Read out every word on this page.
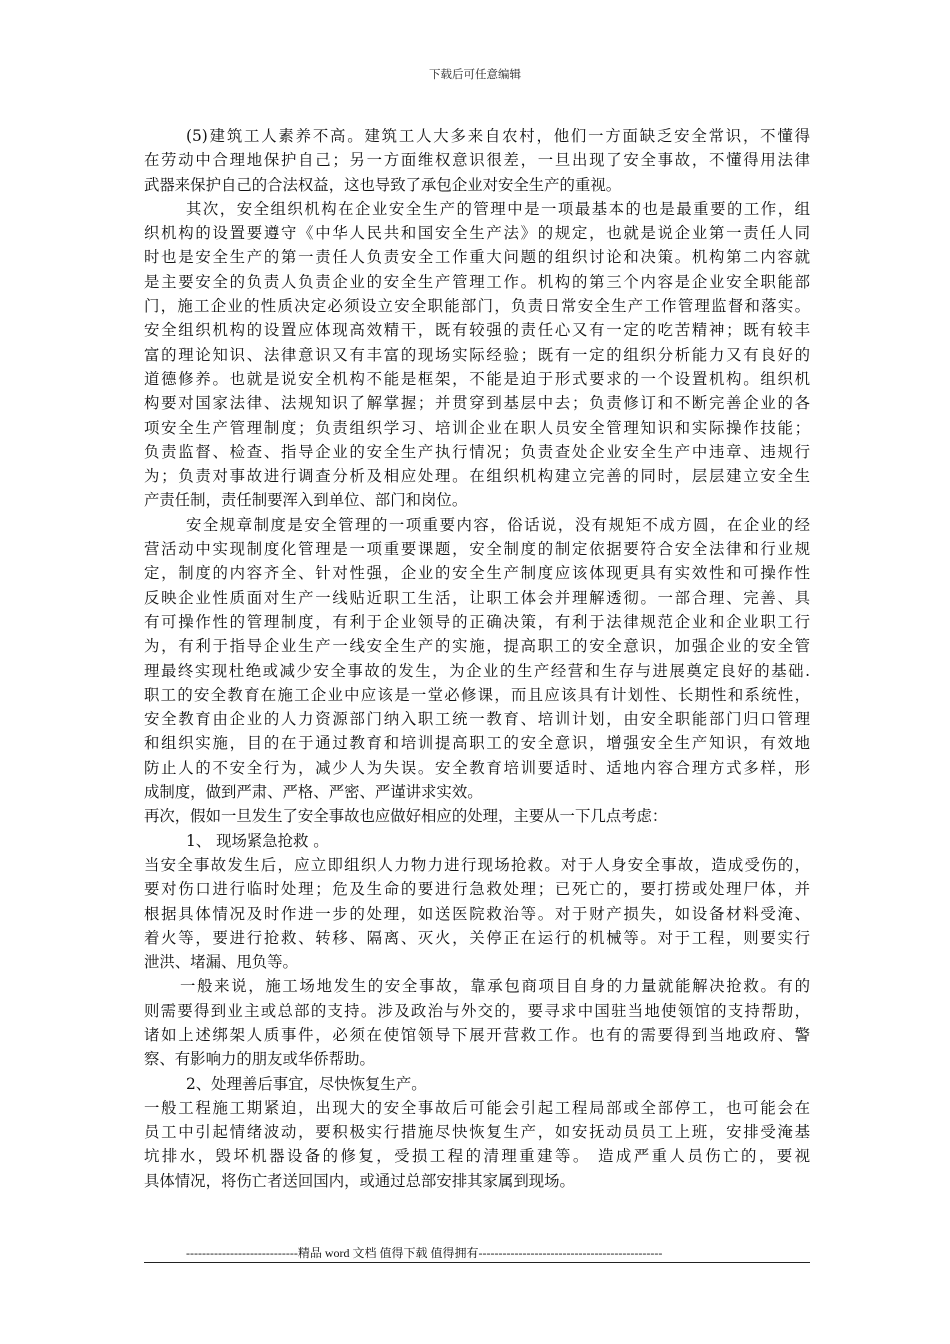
下载后可任意编辑
(5)建筑工人素养不高。建筑工人大多来自农村，他们一方面缺乏安全常识，不懂得
在劳动中合理地保护自己；另一方面维权意识很差，一旦出现了安全事故，不懂得用法律
武器来保护自己的合法权益，这也导致了承包企业对安全生产的重视。
其次，安全组织机构在企业安全生产的管理中是一项最基本的也是最重要的工作，组
织机构的设置要遵守《中华人民共和国安全生产法》的规定，也就是说企业第一责任人同
时也是安全生产的第一责任人负责安全工作重大问题的组织讨论和决策。机构第二内容就
是主要安全的负责人负责企业的安全生产管理工作。机构的第三个内容是企业安全职能部
门，施工企业的性质决定必须设立安全职能部门，负责日常安全生产工作管理监督和落实。
安全组织机构的设置应体现高效精干，既有较强的责任心又有一定的吃苦精神；既有较丰
富的理论知识、法律意识又有丰富的现场实际经验；既有一定的组织分析能力又有良好的
道德修养。也就是说安全机构不能是框架，不能是迫于形式要求的一个设置机构。组织机
构要对国家法律、法规知识了解掌握；并贯穿到基层中去；负责修订和不断完善企业的各
项安全生产管理制度；负责组织学习、培训企业在职人员安全管理知识和实际操作技能；
负责监督、检查、指导企业的安全生产执行情况；负责查处企业安全生产中违章、违规行
为；负责对事故进行调查分析及相应处理。在组织机构建立完善的同时，层层建立安全生
产责任制，责任制要浑入到单位、部门和岗位。
安全规章制度是安全管理的一项重要内容，俗话说，没有规矩不成方圆，在企业的经
营活动中实现制度化管理是一项重要课题，安全制度的制定依据要符合安全法律和行业规
定，制度的内容齐全、针对性强，企业的安全生产制度应该体现更具有实效性和可操作性
反映企业性质面对生产一线贴近职工生活，让职工体会并理解透彻。一部合理、完善、具
有可操作性的管理制度，有利于企业领导的正确决策，有利于法律规范企业和企业职工行
为，有利于指导企业生产一线安全生产的实施，提高职工的安全意识，加强企业的安全管
理最终实现杜绝或减少安全事故的发生，为企业的生产经营和生存与进展奠定良好的基础.
职工的安全教育在施工企业中应该是一堂必修课，而且应该具有计划性、长期性和系统性，
安全教育由企业的人力资源部门纳入职工统一教育、培训计划，由安全职能部门归口管理
和组织实施，目的在于通过教育和培训提高职工的安全意识，增强安全生产知识，有效地
防止人的不安全行为，减少人为失误。安全教育培训要适时、适地内容合理方式多样，形
成制度，做到严肃、严格、严密、严谨讲求实效。
再次，假如一旦发生了安全事故也应做好相应的处理，主要从一下几点考虑：
1、 现场紧急抢救 。
当安全事故发生后，应立即组织人力物力进行现场抢救。对于人身安全事故，造成受伤的，
要对伤口进行临时处理；危及生命的要进行急救处理；已死亡的，要打捞或处理尸体，并
根据具体情况及时作进一步的处理，如送医院救治等。对于财产损失，如设备材料受淹、
着火等，要进行抢救、转移、隔离、灭火，关停正在运行的机械等。对于工程，则要实行
泄洪、堵漏、甩负等。
一般来说，施工场地发生的安全事故，靠承包商项目自身的力量就能解决抢救。有的
则需要得到业主或总部的支持。涉及政治与外交的，要寻求中国驻当地使领馆的支持帮助，
诸如上述绑架人质事件，必须在使馆领导下展开营救工作。也有的需要得到当地政府、警
察、有影响力的朋友或华侨帮助。
2、处理善后事宜，尽快恢复生产。
一般工程施工期紧迫，出现大的安全事故后可能会引起工程局部或全部停工，也可能会在
员工中引起情绪波动，要积极实行措施尽快恢复生产，如安抚动员员工上班，安排受淹基
坑排水，毁坏机器设备的修复，受损工程的清理重建等。 造成严重人员伤亡的，要视
具体情况，将伤亡者送回国内，或通过总部安排其家属到现场。
----------------------------精品 word 文档 值得下载 值得拥有----------------------------------------------
